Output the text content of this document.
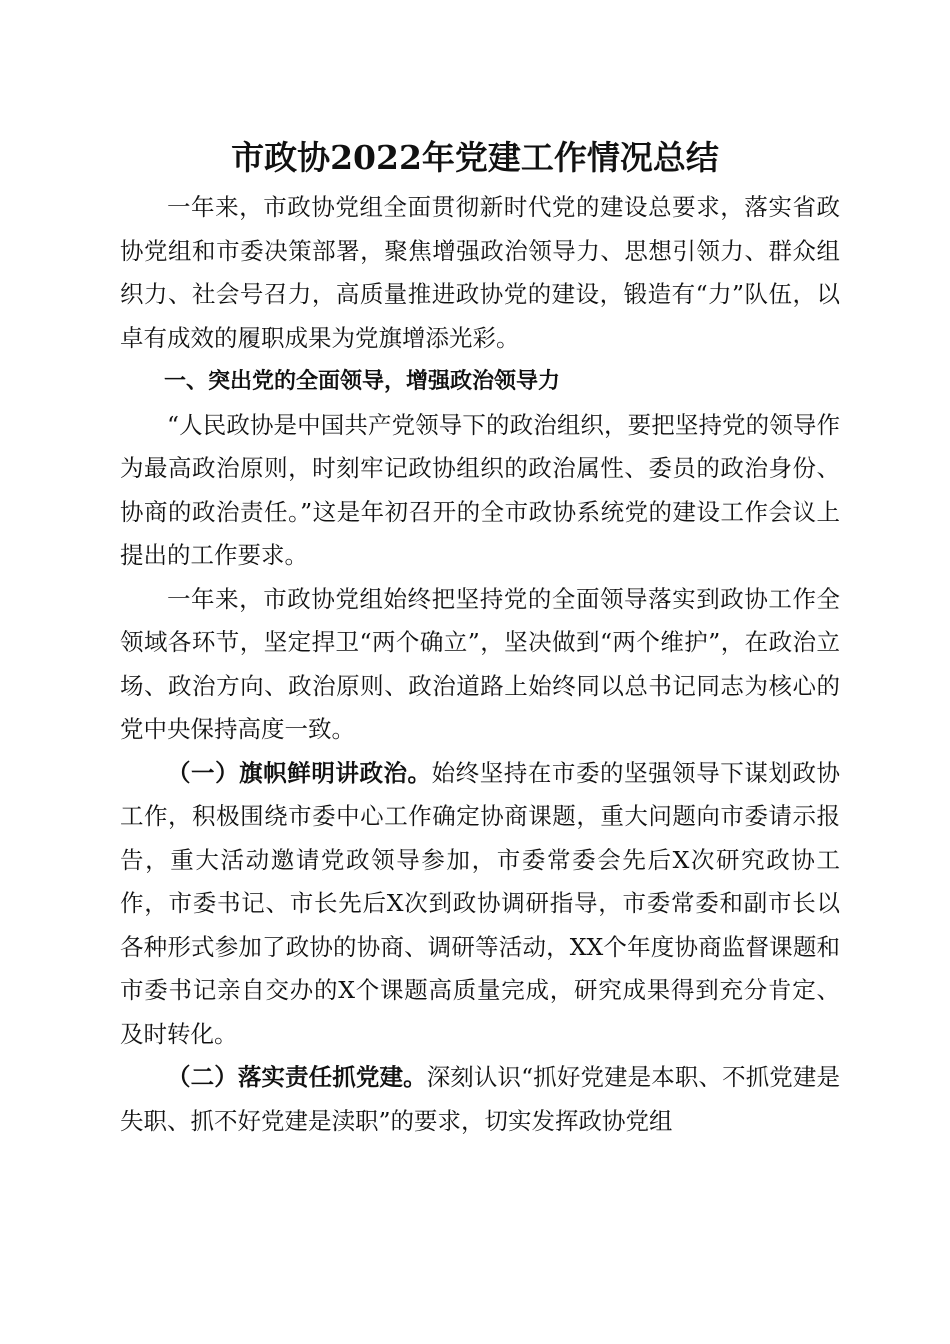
市政协2022年党建工作情况总结

一年来，市政协党组全面贯彻新时代党的建设总要求，落实省政协党组和市委决策部署，聚焦增强政治领导力、思想引领力、群众组织力、社会号召力，高质量推进政协党的建设，锻造有“力”队伍，以卓有成效的履职成果为党旗增添光彩。

一、突出党的全面领导，增强政治领导力

“人民政协是中国共产党领导下的政治组织，要把坚持党的领导作为最高政治原则，时刻牢记政协组织的政治属性、委员的政治身份、协商的政治责任。”这是年初召开的全市政协系统党的建设工作会议上提出的工作要求。

一年来，市政协党组始终把坚持党的全面领导落实到政协工作全领域各环节，坚定捍卫“两个确立”，坚决做到“两个维护”，在政治立场、政治方向、政治原则、政治道路上始终同以总书记同志为核心的党中央保持高度一致。

（一）旗帜鲜明讲政治。始终坚持在市委的坚强领导下谋划政协工作，积极围绕市委中心工作确定协商课题，重大问题向市委请示报告，重大活动邀请党政领导参加，市委常委会先后X次研究政协工作，市委书记、市长先后X次到政协调研指导，市委常委和副市长以各种形式参加了政协的协商、调研等活动，XX个年度协商监督课题和市委书记亲自交办的X个课题高质量完成，研究成果得到充分肯定、及时转化。

（二）落实责任抓党建。深刻认识“抓好党建是本职、不抓党建是失职、抓不好党建是渎职”的要求，切实发挥政协党组
